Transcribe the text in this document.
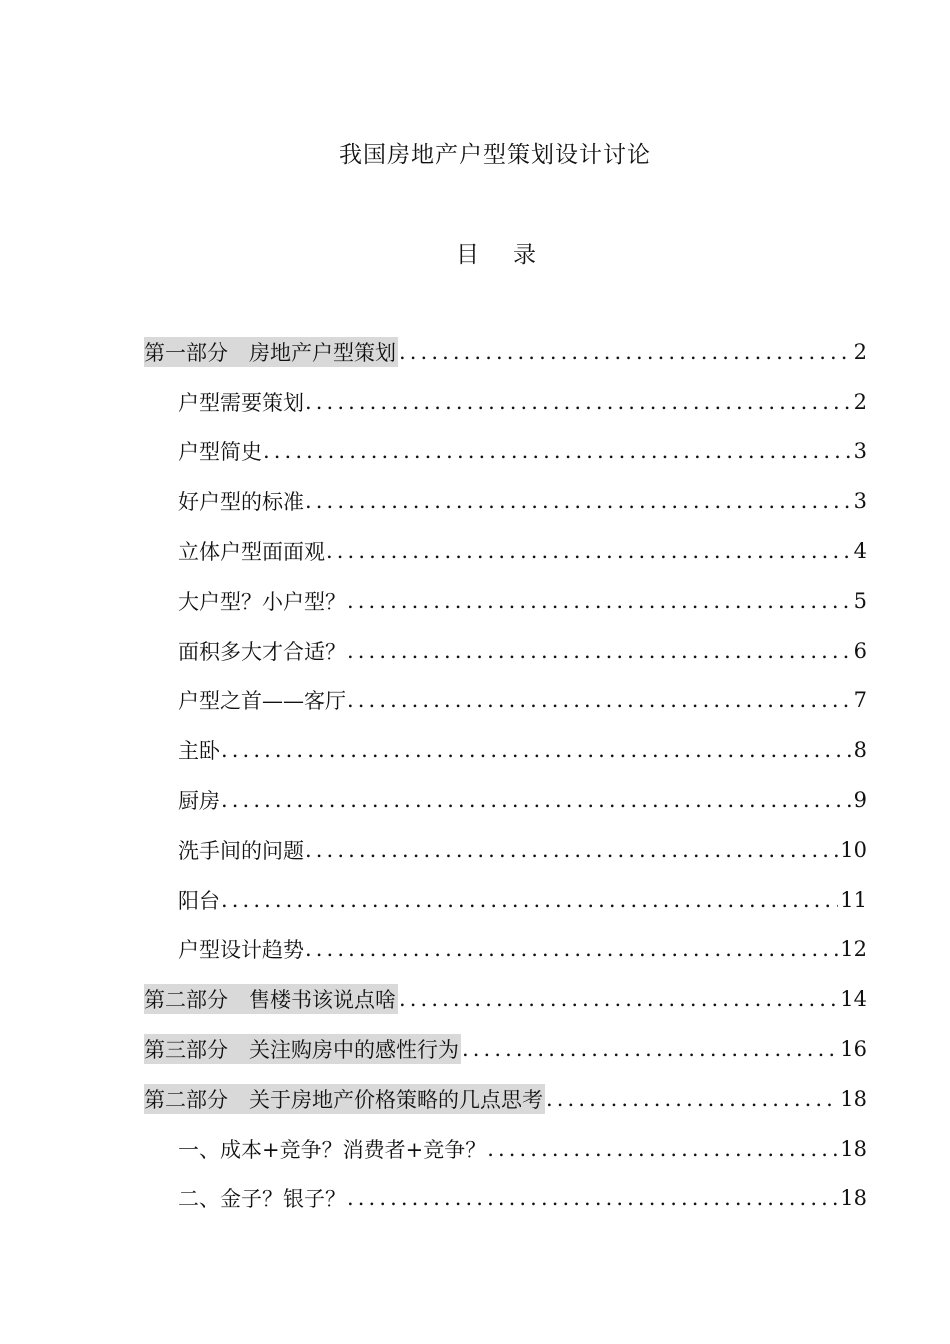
我国房地产户型策划设计讨论
目 录
第一部分　房地产户型策划 .....	2
户型需要策划 .....	2
户型简史 .....	3
好户型的标准 .....	3
立体户型面面观 .....	4
大户型？小户型？ .....	5
面积多大才合适？ .....	6
户型之首——客厅 .....	7
主卧 .....	8
厨房 .....	9
洗手间的问题 .....	10
阳台 .....	11
户型设计趋势 .....	12
第二部分　售楼书该说点啥 .....	14
第三部分　关注购房中的感性行为 .....	16
第二部分　关于房地产价格策略的几点思考 .....	18
一、成本+竞争？消费者+竞争？ .....	18
二、金子？银子？ .....	18
